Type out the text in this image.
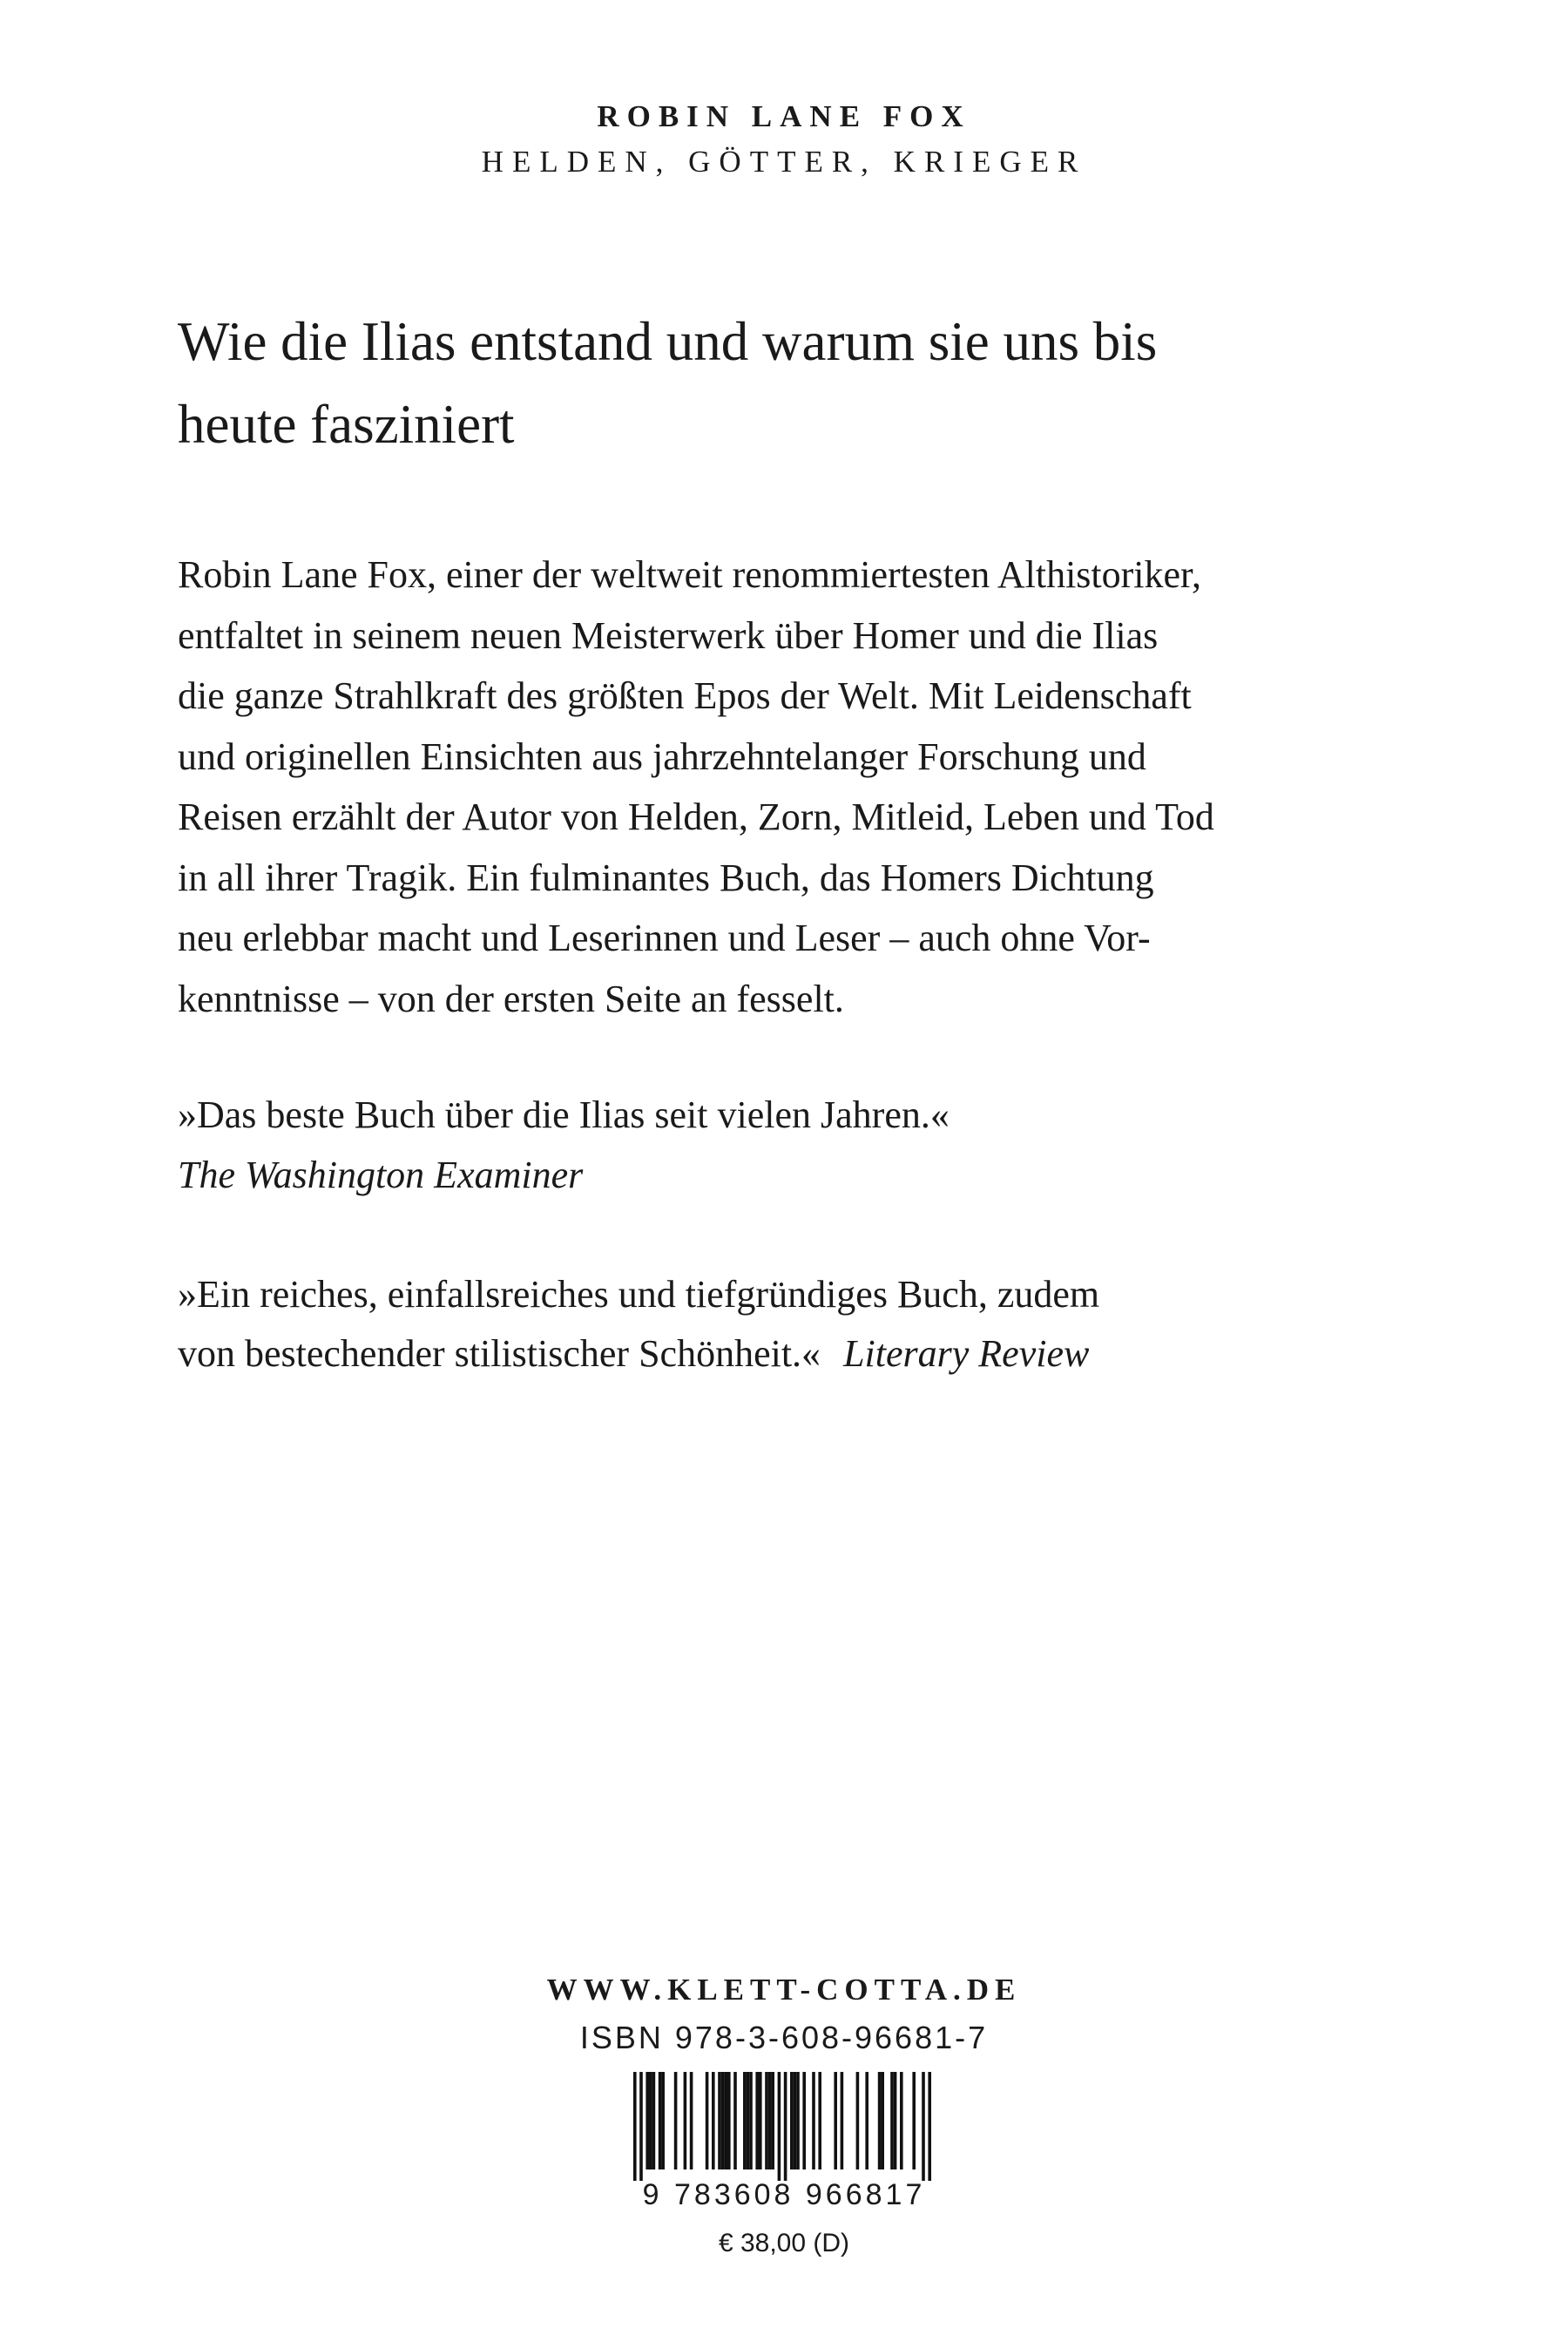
ROBIN LANE FOX
HELDEN, GÖTTER, KRIEGER
Wie die Ilias entstand und warum sie uns bis
heute fasziniert

Robin Lane Fox, einer der weltweit renommiertesten Althistoriker,
entfaltet in seinem neuen Meisterwerk über Homer und die Ilias
die ganze Strahlkraft des größten Epos der Welt. Mit Leidenschaft
und originellen Einsichten aus jahrzehntelanger Forschung und
Reisen erzählt der Autor von Helden, Zorn, Mitleid, Leben und Tod
in all ihrer Tragik. Ein fulminantes Buch, das Homers Dichtung
neu erlebbar macht und Leserinnen und Leser – auch ohne Vor-
kenntnisse – von der ersten Seite an fesselt.

»Das beste Buch über die Ilias seit vielen Jahren.«
The Washington Examiner
»Ein reiches, einfallsreiches und tiefgründiges Buch, zudem
von bestechender stilistischer Schönheit.« Literary Review
WWW.KLETT-COTTA.DE
ISBN 978-3-608-96681-7
9 783608 966817
€ 38,00 (D)
